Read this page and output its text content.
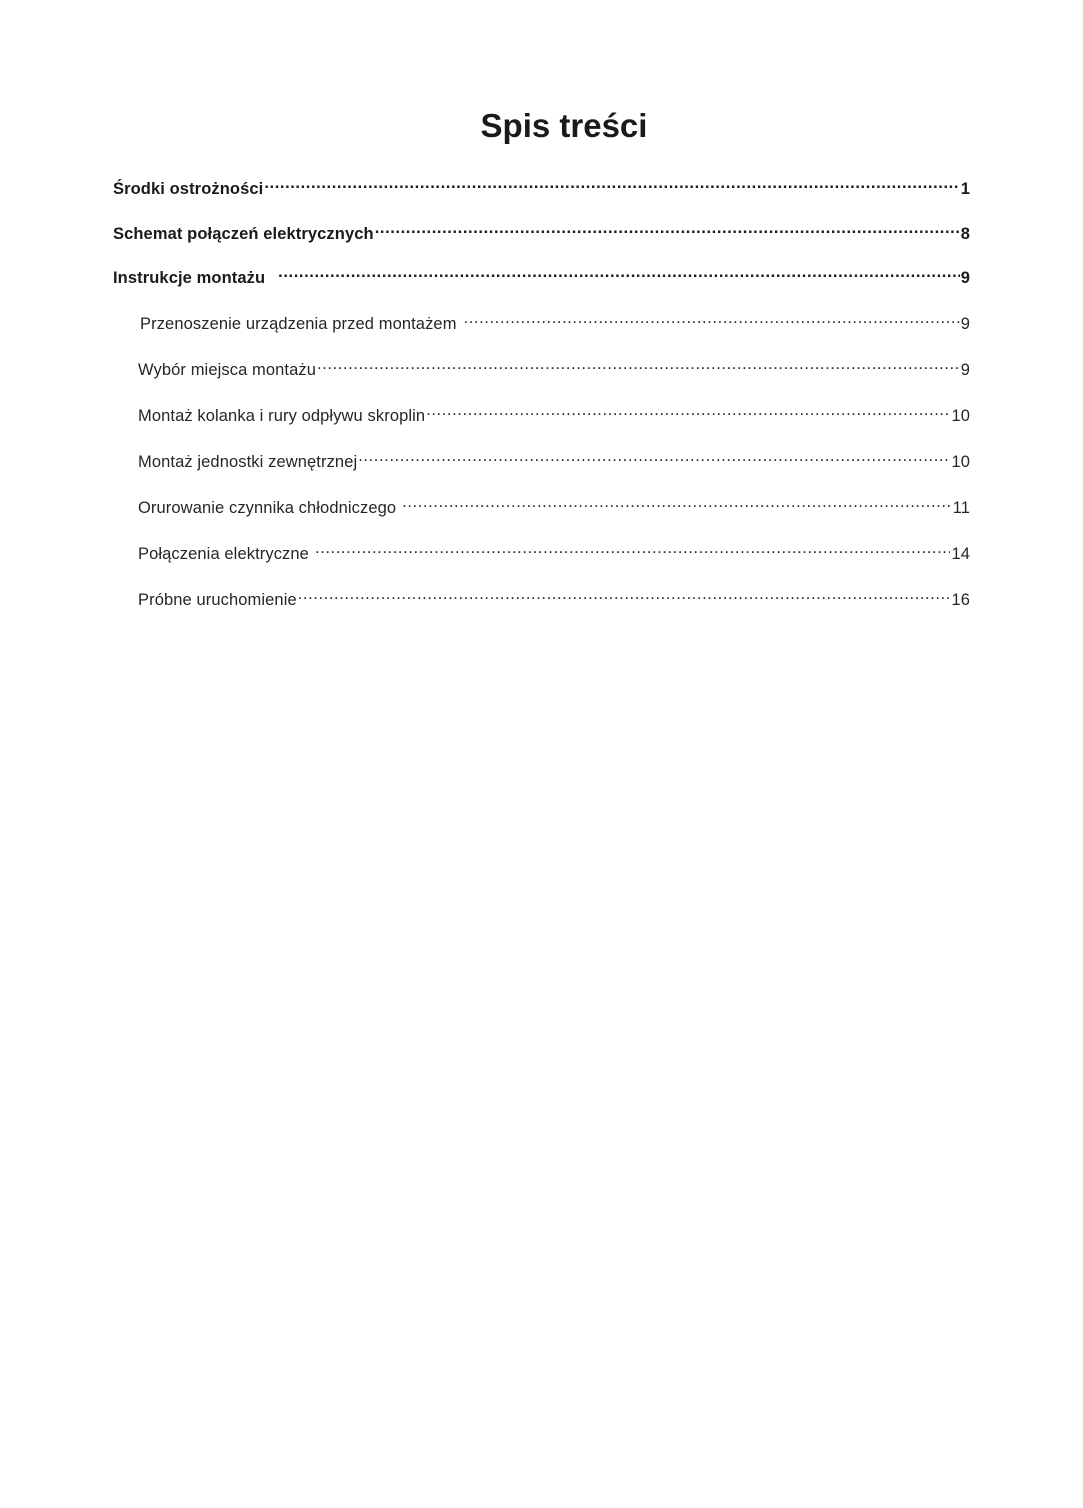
Spis treści
Środki ostrożności .....	1
Schemat połączeń elektrycznych .....	8
Instrukcje montażu .....	9
Przenoszenie urządzenia przed montażem .....	9
Wybór miejsca montażu .....	9
Montaż kolanka i rury odpływu skroplin .....	10
Montaż jednostki zewnętrznej .....	10
Orurowanie czynnika chłodniczego .....	11
Połączenia elektryczne .....	14
Próbne uruchomienie .....	16
